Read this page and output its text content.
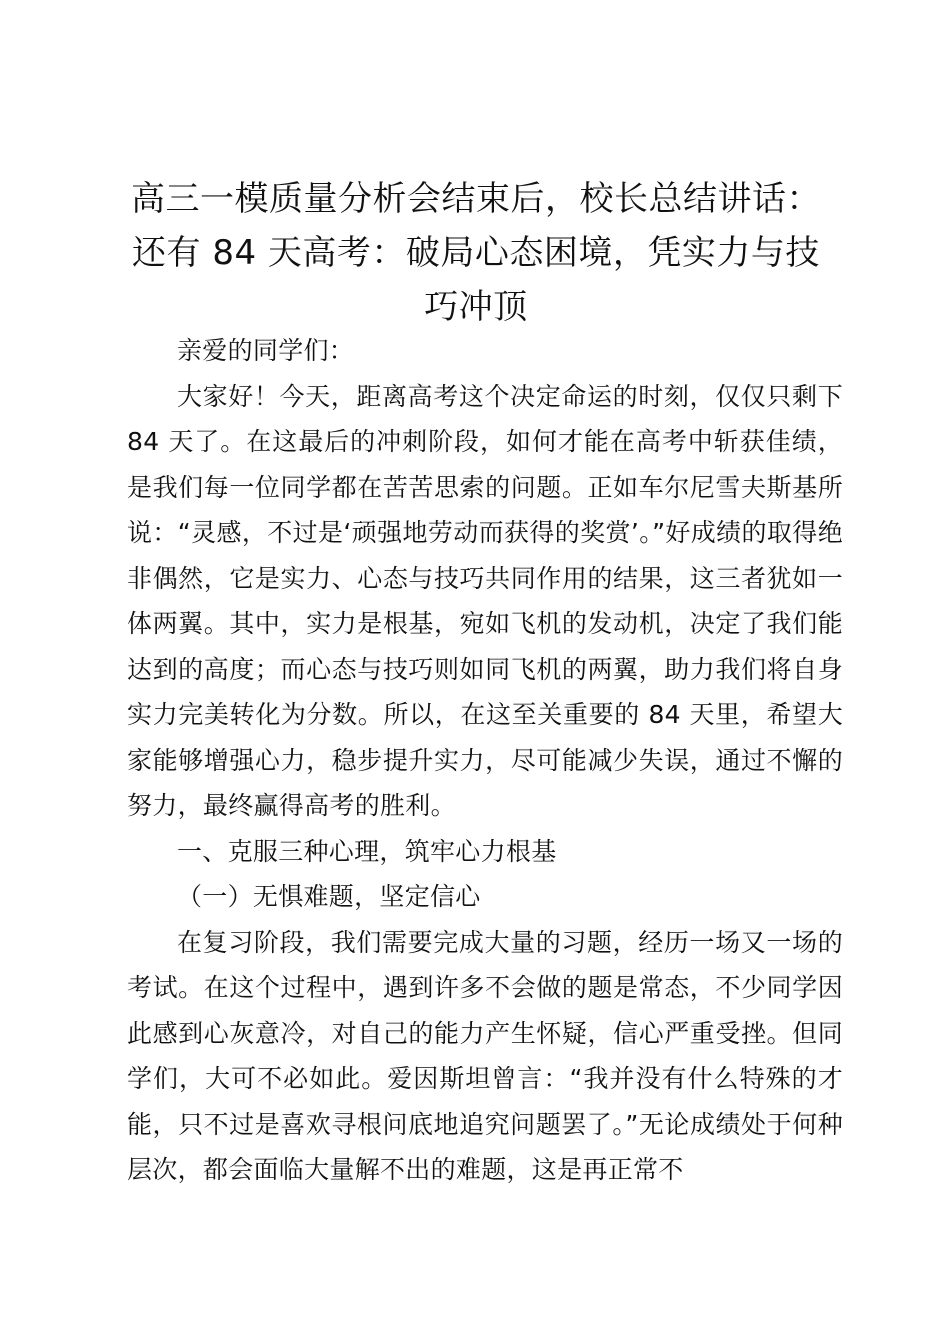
高三一模质量分析会结束后，校长总结讲话：还有 84 天高考：破局心态困境，凭实力与技巧冲顶

亲爱的同学们：

大家好！今天，距离高考这个决定命运的时刻，仅仅只剩下 84 天了。在这最后的冲刺阶段，如何才能在高考中斩获佳绩，是我们每一位同学都在苦苦思索的问题。正如车尔尼雪夫斯基所说：“灵感，不过是‘顽强地劳动而获得的奖赏’。”好成绩的取得绝非偶然，它是实力、心态与技巧共同作用的结果，这三者犹如一体两翼。其中，实力是根基，宛如飞机的发动机，决定了我们能达到的高度；而心态与技巧则如同飞机的两翼，助力我们将自身实力完美转化为分数。所以，在这至关重要的 84 天里，希望大家能够增强心力，稳步提升实力，尽可能减少失误，通过不懈的努力，最终赢得高考的胜利。

一、克服三种心理，筑牢心力根基

（一）无惧难题，坚定信心

在复习阶段，我们需要完成大量的习题，经历一场又一场的考试。在这个过程中，遇到许多不会做的题是常态，不少同学因此感到心灰意冷，对自己的能力产生怀疑，信心严重受挫。但同学们，大可不必如此。爱因斯坦曾言：“我并没有什么特殊的才能，只不过是喜欢寻根问底地追究问题罢了。”无论成绩处于何种层次，都会面临大量解不出的难题，这是再正常不
